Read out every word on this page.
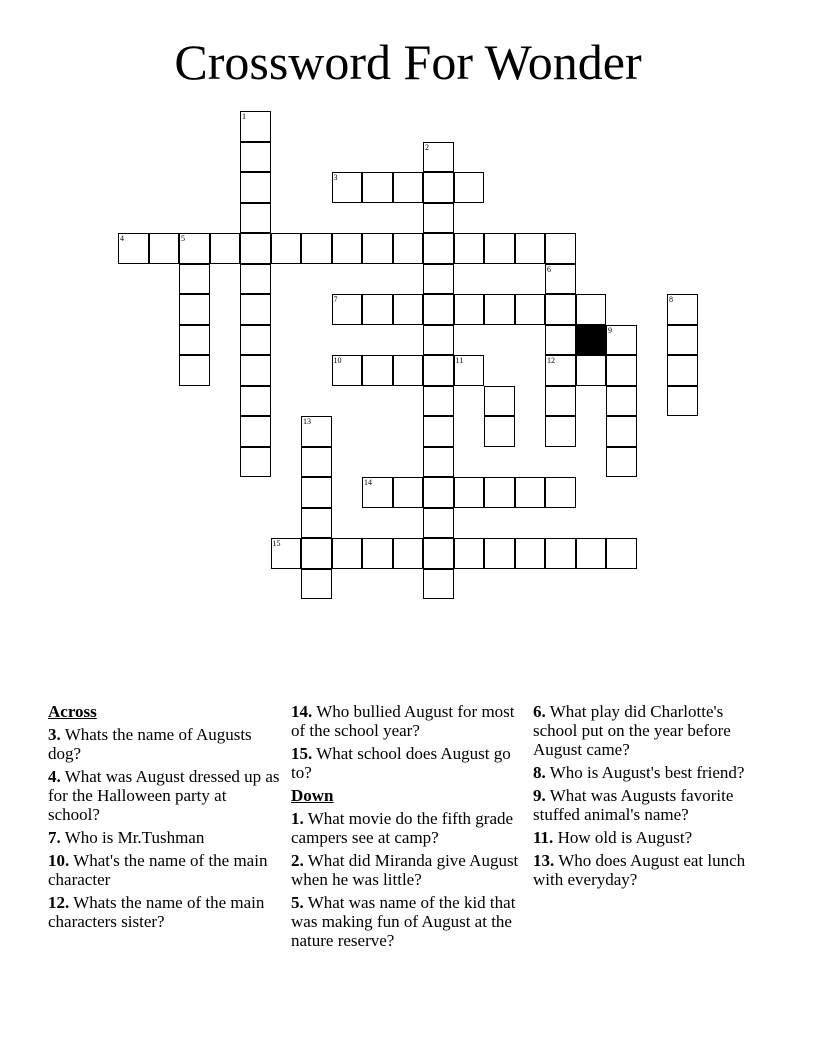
Crossword For Wonder
1
2
3
4	5
6
7	8
9
10	11	12
13
14
15
Across
3. Whats the name of Augusts dog?
4. What was August dressed up as for the Halloween party at school?
7. Who is Mr.Tushman
10. What's the name of the main character
12. Whats the name of the main characters sister?
14. Who bullied August for most of the school year?
15. What school does August go to?
Down
1. What movie do the fifth grade campers see at camp?
2. What did Miranda give August when he was little?
5. What was name of the kid that was making fun of August at the nature reserve?
6. What play did Charlotte's school put on the year before August came?
8. Who is August's best friend?
9. What was Augusts favorite stuffed animal's name?
11. How old is August?
13. Who does August eat lunch with everyday?
